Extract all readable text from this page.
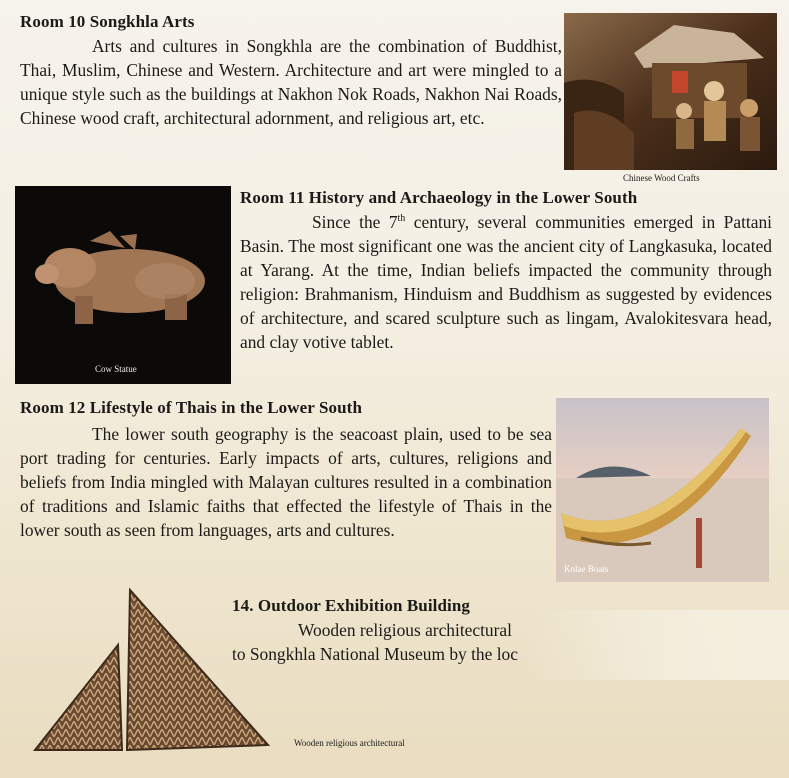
Room 10 Songkhla Arts

Arts and cultures in Songkhla are the combination of Buddhist, Thai, Muslim, Chinese and Western. Architecture and art were mingled to a unique style such as the buildings at Nakhon Nok Roads, Nakhon Nai Roads, Chinese wood craft, architectural adornment, and religious art, etc.

Chinese Wood Crafts
Cow Statue
Room 11 History and Archaeology in the Lower South

Since the 7th century, several communities emerged in Pattani Basin. The most significant one was the ancient city of Langkasuka, located at Yarang. At the time, Indian beliefs impacted the community through religion: Brahmanism, Hinduism and Buddhism as suggested by evidences of architecture, and scared sculpture such as lingam, Avalokitesvara head, and clay votive tablet.

Room 12 Lifestyle of Thais in the Lower South

The lower south geography is the seacoast plain, used to be sea port trading for centuries. Early impacts of arts, cultures, religions and beliefs from India mingled with Malayan cultures resulted in a combination of traditions and Islamic faiths that effected the lifestyle of Thais in the lower south as seen from languages, arts and cultures.

Kolae Boats
Wooden religious architectural
14. Outdoor Exhibition Building

Wooden religious architectural

to Songkhla National Museum by the loc
